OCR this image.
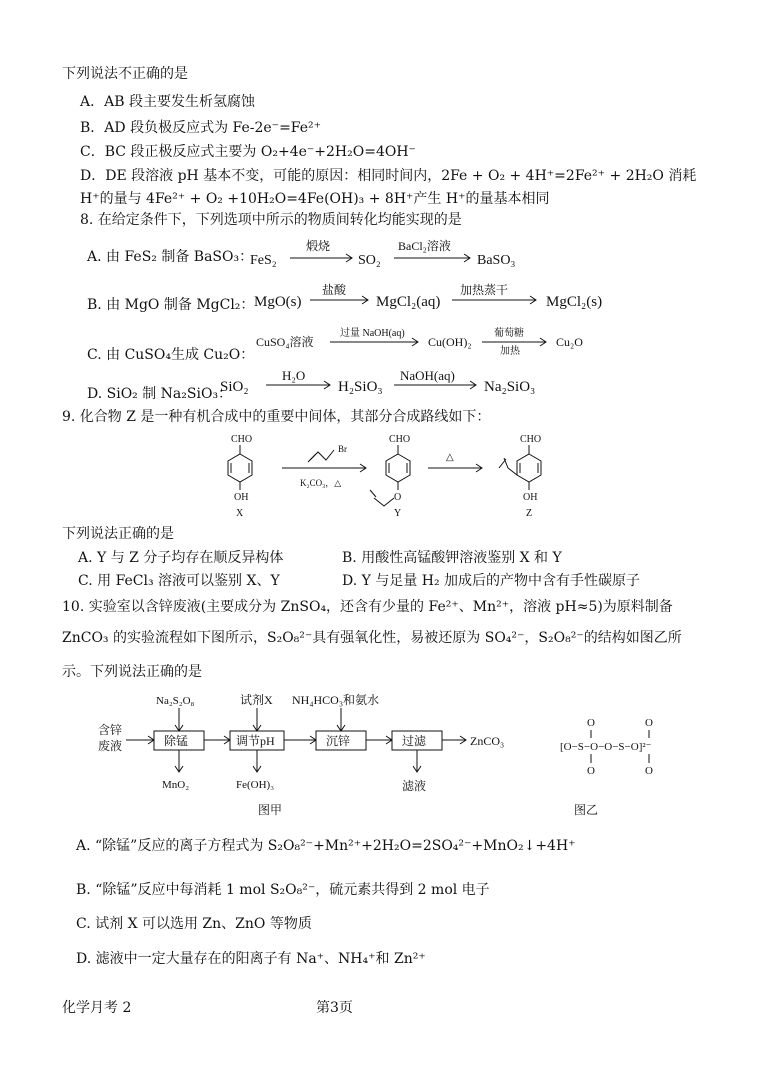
下列说法不正确的是
A．AB 段主要发生析氢腐蚀
B．AD 段负极反应式为 Fe-2e⁻=Fe²⁺
C．BC 段正极反应式主要为 O₂+4e⁻+2H₂O=4OH⁻
D．DE 段溶液 pH 基本不变，可能的原因：相同时间内，2Fe + O₂ + 4H⁺=2Fe²⁺ + 2H₂O 消耗
H⁺的量与 4Fe²⁺ + O₂ +10H₂O=4Fe(OH)₃ + 8H⁺产生 H⁺的量基本相同
8. 在给定条件下，下列选项中所示的物质间转化均能实现的是
A. 由 FeS₂ 制备 BaSO₃：
B. 由 MgO 制备 MgCl₂：
C. 由 CuSO₄生成 Cu₂O：
D. SiO₂ 制 Na₂SiO₃：
FeS₂
煅烧
SO₂
BaCl₂溶液
BaSO₃
MgO(s)
盐酸
MgCl₂(aq)
加热蒸干
MgCl₂(s)
CuSO₄溶液
过量 NaOH(aq)
Cu(OH)₂
葡萄糖
加热
Cu₂O
SiO₂
H₂O
H₂SiO₃
NaOH(aq)
Na₂SiO₃
9. 化合物 Z 是一种有机合成中的重要中间体，其部分合成路线如下：
CHO
OH
X
Br
K₂CO₃，△
CHO
O
Y
△
CHO
OH
Z
下列说法正确的是
A. Y 与 Z 分子均存在顺反异构体	B. 用酸性高锰酸钾溶液鉴别 X 和 Y
C. 用 FeCl₃ 溶液可以鉴别 X、Y	D. Y 与足量 H₂ 加成后的产物中含有手性碳原子
10. 实验室以含锌废液(主要成分为 ZnSO₄，还含有少量的 Fe²⁺、Mn²⁺，溶液 pH≈5)为原料制备
ZnCO₃ 的实验流程如下图所示，S₂O₈²⁻具有强氧化性，易被还原为 SO₄²⁻，S₂O₈²⁻的结构如图乙所
示。下列说法正确的是
含锌
废液	除锰	调节pH	沉锌	过滤	ZnCO₃
Na₂S₂O₈	试剂X NH₄HCO₃和氨水
MnO₂	Fe(OH)₃	滤液
图甲
[O−S−O−O−S−O]²⁻
O
O
O
O
图乙
A. “除锰”反应的离子方程式为 S₂O₈²⁻+Mn²⁺+2H₂O=2SO₄²⁻+MnO₂↓+4H⁺
B. “除锰”反应中每消耗 1 mol S₂O₈²⁻，硫元素共得到 2 mol 电子
C. 试剂 X 可以选用 Zn、ZnO 等物质
D. 滤液中一定大量存在的阳离子有 Na⁺、NH₄⁺和 Zn²⁺
化学月考 2	第3页
